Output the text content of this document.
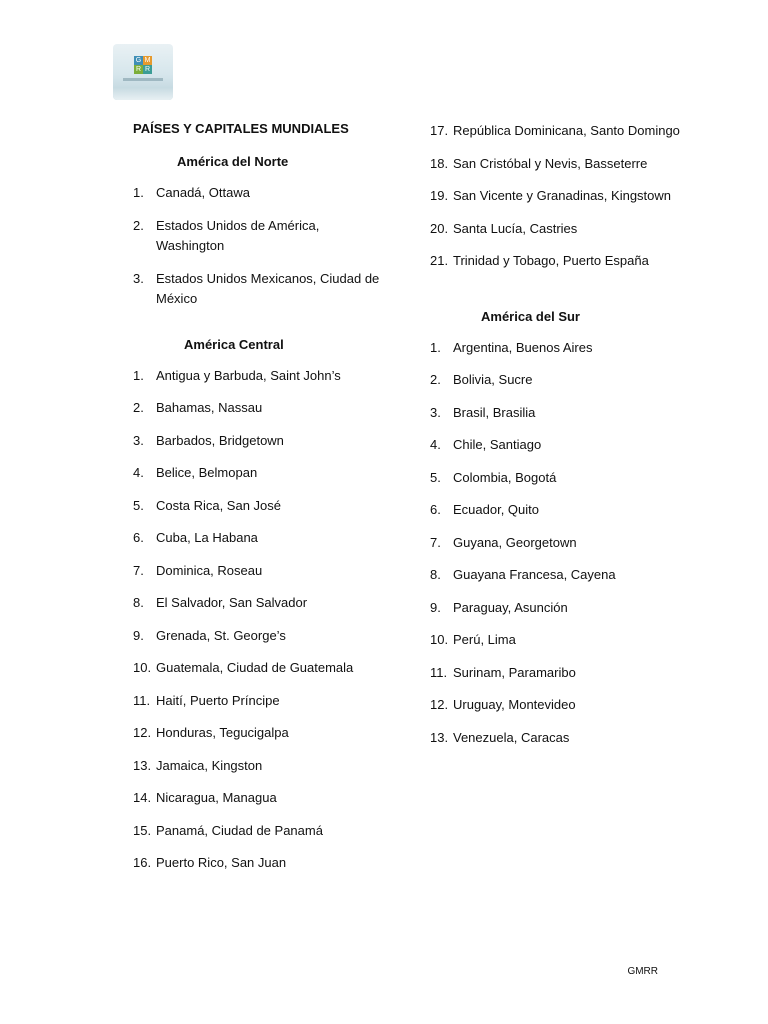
G M
R R
PAÍSES Y CAPITALES MUNDIALES
América del Norte
1. Canadá, Ottawa
2. Estados Unidos de América, Washington
3. Estados Unidos Mexicanos, Ciudad de México
América Central
1. Antigua y Barbuda, Saint John’s
2. Bahamas, Nassau
3. Barbados, Bridgetown
4. Belice, Belmopan
5. Costa Rica, San José
6. Cuba, La Habana
7. Dominica, Roseau
8. El Salvador, San Salvador
9. Grenada, St. George’s
10. Guatemala, Ciudad de Guatemala
11. Haití, Puerto Príncipe
12. Honduras, Tegucigalpa
13. Jamaica, Kingston
14. Nicaragua, Managua
15. Panamá, Ciudad de Panamá
16. Puerto Rico, San Juan
17. República Dominicana, Santo Domingo
18. San Cristóbal y Nevis, Basseterre
19. San Vicente y Granadinas, Kingstown
20. Santa Lucía, Castries
21. Trinidad y Tobago, Puerto España
América del Sur
1. Argentina, Buenos Aires
2. Bolivia, Sucre
3. Brasil, Brasilia
4. Chile, Santiago
5. Colombia, Bogotá
6. Ecuador, Quito
7. Guyana, Georgetown
8. Guayana Francesa, Cayena
9. Paraguay, Asunción
10. Perú, Lima
11. Surinam, Paramaribo
12. Uruguay, Montevideo
13. Venezuela, Caracas
GMRR
